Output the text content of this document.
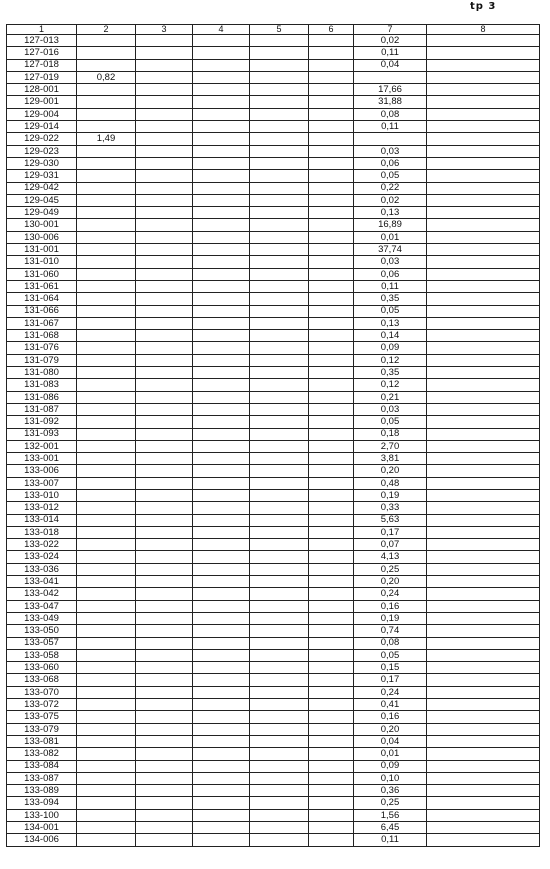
tp 3
1	2	3	4	5	6	7	8
127-013						0,02	
127-016						0,11	
127-018						0,04	
127-019	0,82						
128-001						17,66	
129-001						31,88	
129-004						0,08	
129-014						0,11	
129-022	1,49						
129-023						0,03	
129-030						0,06	
129-031						0,05	
129-042						0,22	
129-045						0,02	
129-049						0,13	
130-001						16,89	
130-006						0,01	
131-001						37,74	
131-010						0,03	
131-060						0,06	
131-061						0,11	
131-064						0,35	
131-066						0,05	
131-067						0,13	
131-068						0,14	
131-076						0,09	
131-079						0,12	
131-080						0,35	
131-083						0,12	
131-086						0,21	
131-087						0,03	
131-092						0,05	
131-093						0,18	
132-001						2,70	
133-001						3,81	
133-006						0,20	
133-007						0,48	
133-010						0,19	
133-012						0,33	
133-014						5,63	
133-018						0,17	
133-022						0,07	
133-024						4,13	
133-036						0,25	
133-041						0,20	
133-042						0,24	
133-047						0,16	
133-049						0,19	
133-050						0,74	
133-057						0,08	
133-058						0,05	
133-060						0,15	
133-068						0,17	
133-070						0,24	
133-072						0,41	
133-075						0,16	
133-079						0,20	
133-081						0,04	
133-082						0,01	
133-084						0,09	
133-087						0,10	
133-089						0,36	
133-094						0,25	
133-100						1,56	
134-001						6,45	
134-006						0,11	
